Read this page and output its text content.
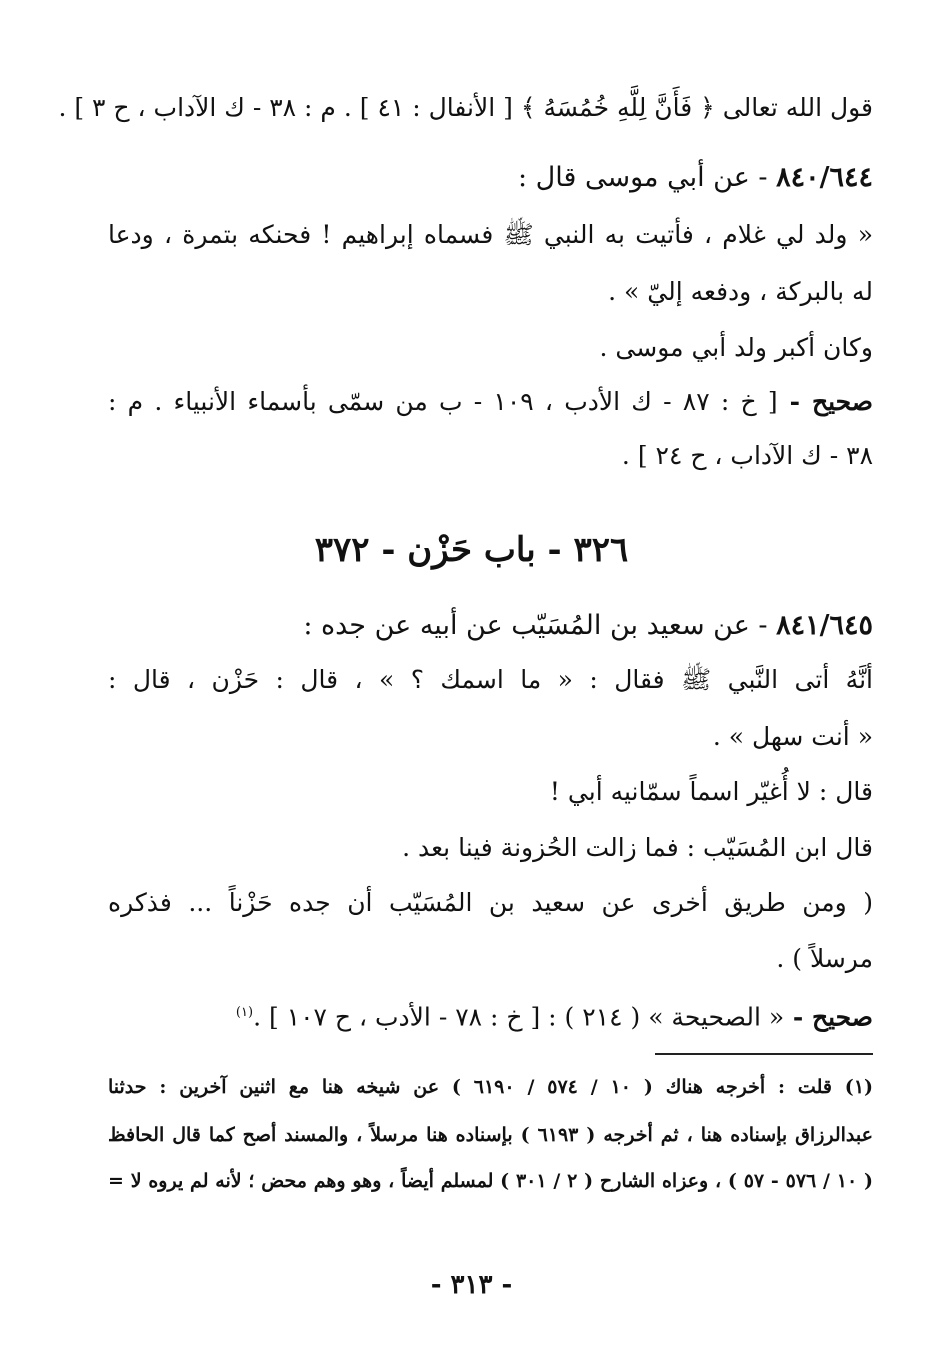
قول الله تعالى ﴿ فَأَنَّ لِلَّهِ خُمُسَهُ ﴾ [ الأنفال : ٤١ ] . م : ٣٨ - ك الآداب ، ح ٣ ] .
٨٤٠/٦٤٤ - عن أبي موسى قال :
« ولد لي غلام ، فأتيت به النبي ﷺ فسماه إبراهيم ! فحنكه بتمرة ، ودعا
له بالبركة ، ودفعه إليّ » .
وكان أكبر ولد أبي موسى .
صحيح - [ خ : ٨٧ - ك الأدب ، ١٠٩ - ب من سمّى بأسماء الأنبياء . م :
٣٨ - ك الآداب ، ح ٢٤ ] .
٣٢٦ - باب حَزْن - ٣٧٢
٨٤١/٦٤٥ - عن سعيد بن المُسَيّب عن أبيه عن جده :
أنَّهُ أتى النَّبي ﷺ فقال : « ما اسمك ؟ » ، قال : حَزْن ، قال :
« أنت سهل » .
قال : لا أُغيّر اسماً سمّانيه أبي !
قال ابن المُسَيّب : فما زالت الحُزونة فينا بعد .
( ومن طريق أخرى عن سعيد بن المُسَيّب أن جده حَزْناً ... فذكره
مرسلاً ) .
صحيح - « الصحيحة » ( ٢١٤ ) : [ خ : ٧٨ - الأدب ، ح ١٠٧ ] .$^{(١)}$
(١) قلت : أخرجه هناك ( ١٠ / ٥٧٤ / ٦١٩٠ ) عن شيخه هنا مع اثنين آخرين : حدثنا
عبدالرزاق بإسناده هنا ، ثم أخرجه ( ٦١٩٣ ) بإسناده هنا مرسلاً ، والمسند أصح كما قال الحافظ
( ١٠ / ٥٧٦ - ٥٧ ) ، وعزاه الشارح ( ٢ / ٣٠١ ) لمسلم أيضاً ، وهو وهم محض ؛ لأنه لم يروه لا =
- ٣١٣ -
